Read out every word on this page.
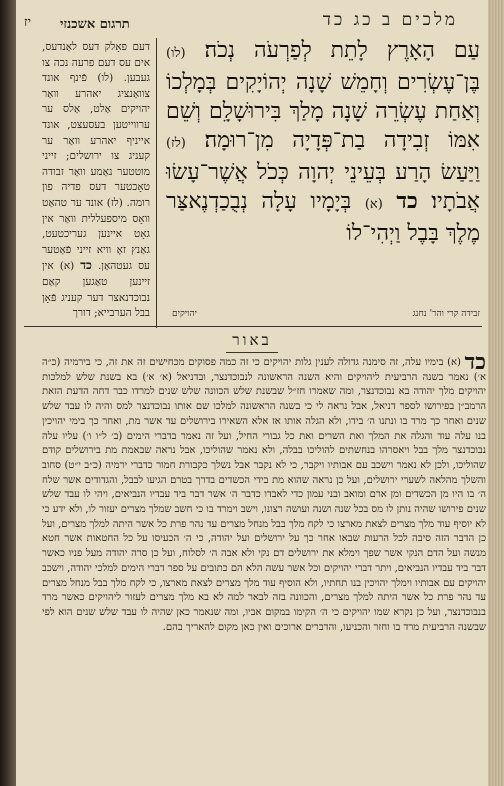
מלכים ב כג כד
תרגום אשכנזי
יז

עַם הָאָרֶץ לָתֵת לְפַרְעֹה נְכֹה׃ (לו) בֶּן־עֶשְׂרִים וְחָמֵשׁ שָׁנָה יְהוֹיָקִים בְּמָלְכוֹ וְאַחַת עֶשְׂרֵה שָׁנָה מָלַךְ בִּירוּשָׁלִָם וְשֵׁם אִמּוֹ זְבִידָה בַת־פְּדָיָה מִן־רוּמָה׃ (לז) וַיַּעַשׂ הָרַע בְּעֵינֵי יְהוָה כְּכֹל אֲשֶׁר־עָשׂוּ אֲבֹתָיו׃ כד (א) בְּיָמָיו עָלָה נְבֻכַדְנֶאצַּר מֶלֶךְ בָּבֶל וַיְהִי־לוֹ

דעם פאָלק דעס לאַנדעס, אים עס דעם פרעה נכה צו געבען. (לו) פֿינף אונד צוואַנציג יאהרע וואַר יהויקים אַלט, אַלס ער ערווייטען בעסעצט, אונד אייניף יאהרע וואַר ער קעניג צו ירושלים; זייני מוטטער נאַמע וואַר זבודה טאָכטער דעס פדיה פון רומה. (לז) אונד ער טהאַט וואָס מיספעללית וואַר אין גאָט איינען געריכטעט, גאַנץ זאָ וויא זייני פֿאַטער עס געטהאַן. כד (א) אין זיינען טאַגען קאַם נבוכדנאצר דער קעניג פֿאָן בבל הערבייא; דורך	זבידה קרי והר' נחנג
יהויקים
באור

כד (א) בימיו עלה, זה סימנה גדולה לענין גלות יהויקים כי זה כמה פסוקים מכחישים זה את זה, כי בירמיה (כ״ה א׳) נאמר בשנה הרביעית ליהויקים והיא השנה הראשונה לנבוכדנצר, ובדניאל (א׳ א׳) בא בשנת שלש למלכות יהויקים מלך יהודה בא נבוכדנצר, ומה שאמרו חז״ל שבשנת שלש הכוונה שלש שנים למרדו כבר דחה הדעת הזאת הרמב״ן בפירושו לספר דניאל, אבל נראה לי כי בשנה הראשונה למלכו שם אותו נבוכדנצר למס והיה לו עבד שלש שנים ואחר כך מרד בו ונתנו ה׳ בידו, ולא הגלה אותו אז אלא השאירו בירושלים עד אשר מת, ואחר כך בימי יהויכין בנו עלה עוד והגלה את המלך ואת השרים ואת כל גבורי החיל, ועל זה נאמר בדברי הימים (ב׳ ל״ו ו׳) עליו עלה נבוכדנצר מלך בבל ויאסרהו בנחשתים להוליכו בבלה, ולא נאמר שהוליכו, אבל נראה שבאמת מת בירושלים קודם שהוליכו, ולכן לא נאמר וישכב עם אבותיו ויקבר, כי לא נקבר אבל נשלך כקבורת חמור כדברי ירמיה (כ״ב י״ט) סחוב והשלך מהלאה לשערי ירושלים, ועל כן נראה שהוא מת בידי הכשדים בדרך בטרם הגיעו לבבל, והגדודים אשר שלח ה׳ בו היו מן הכשדים ומן ארם ומואב ובני עמון כדי לאבדו כדבר ה׳ אשר דבר ביד עבדיו הנביאים, ויהי לו עבד שלש שנים פירושו שהיה נותן לו מס בכל שנה ושנה ועושה רצונו, וישב וימרד בו כי חשב שמלך מצרים יעזור לו, ולא ידע כי לא יוסיף עוד מלך מצרים לצאת מארצו כי לקח מלך בבל מנחל מצרים עד נהר פרת כל אשר היתה למלך מצרים, ועל כן הדבר הזה סיבה לכל הרעות שבאו אחר כך על ירושלים ועל יהודה, כי ה׳ הכעיסו על כל החטאות אשר חטא מנשה ועל הדם הנקי אשר שפך וימלא את ירושלים דם נקי ולא אבה ה׳ לסלוח, ועל כן סרה יהודה מעל פניו כאשר דבר ביד עבדיו הנביאים, ויתר דברי יהויקים וכל אשר עשה הלא הם כתובים על ספר דברי הימים למלכי יהודה, וישכב יהויקים עם אבותיו וימלך יהויכין בנו תחתיו, ולא הוסיף עוד מלך מצרים לצאת מארצו, כי לקח מלך בבל מנחל מצרים עד נהר פרת כל אשר היתה למלך מצרים, והכוונה בזה לבאר למה לא בא מלך מצרים לעזור ליהויקים כאשר מרד בנבוכדנצר, ועל כן נקרא שמו יהויקים כי ה׳ הקימו במקום אביו, ומה שנאמר כאן שהיה לו עבד שלש שנים הוא לפי שבשנה הרביעית מרד בו וחזר והכניעו, והדברים ארוכים ואין כאן מקום להאריך בהם.
